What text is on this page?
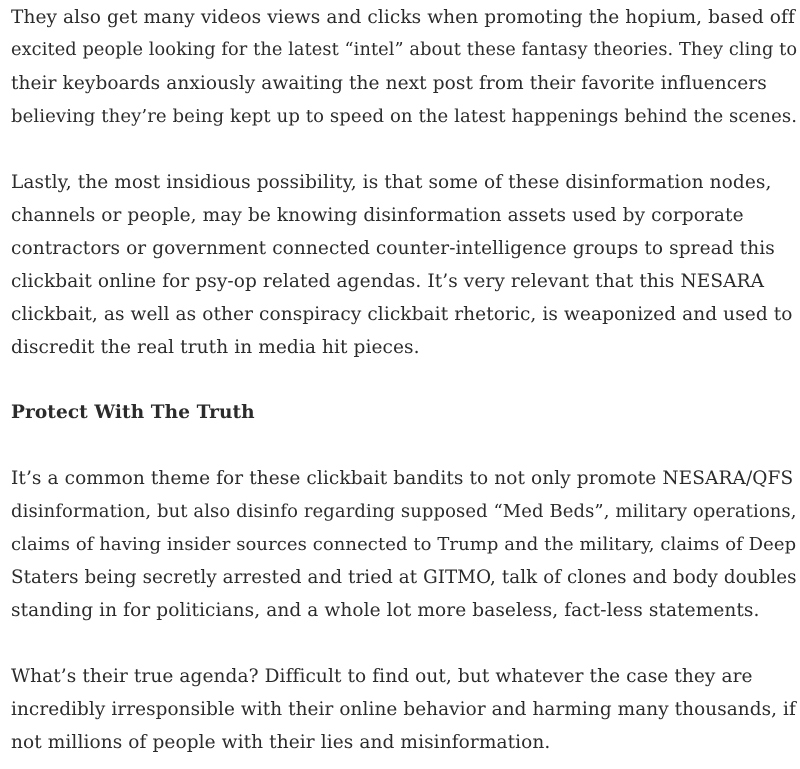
They also get many videos views and clicks when promoting the hopium, based off
excited people looking for the latest “intel” about these fantasy theories. They cling to
their keyboards anxiously awaiting the next post from their favorite influencers
believing they’re being kept up to speed on the latest happenings behind the scenes.

Lastly, the most insidious possibility, is that some of these disinformation nodes,
channels or people, may be knowing disinformation assets used by corporate
contractors or government connected counter-intelligence groups to spread this
clickbait online for psy-op related agendas. It’s very relevant that this NESARA
clickbait, as well as other conspiracy clickbait rhetoric, is weaponized and used to
discredit the real truth in media hit pieces.

Protect With The Truth

It’s a common theme for these clickbait bandits to not only promote NESARA/QFS
disinformation, but also disinfo regarding supposed “Med Beds”, military operations,
claims of having insider sources connected to Trump and the military, claims of Deep
Staters being secretly arrested and tried at GITMO, talk of clones and body doubles
standing in for politicians, and a whole lot more baseless, fact-less statements.

What’s their true agenda? Difficult to find out, but whatever the case they are
incredibly irresponsible with their online behavior and harming many thousands, if
not millions of people with their lies and misinformation.
